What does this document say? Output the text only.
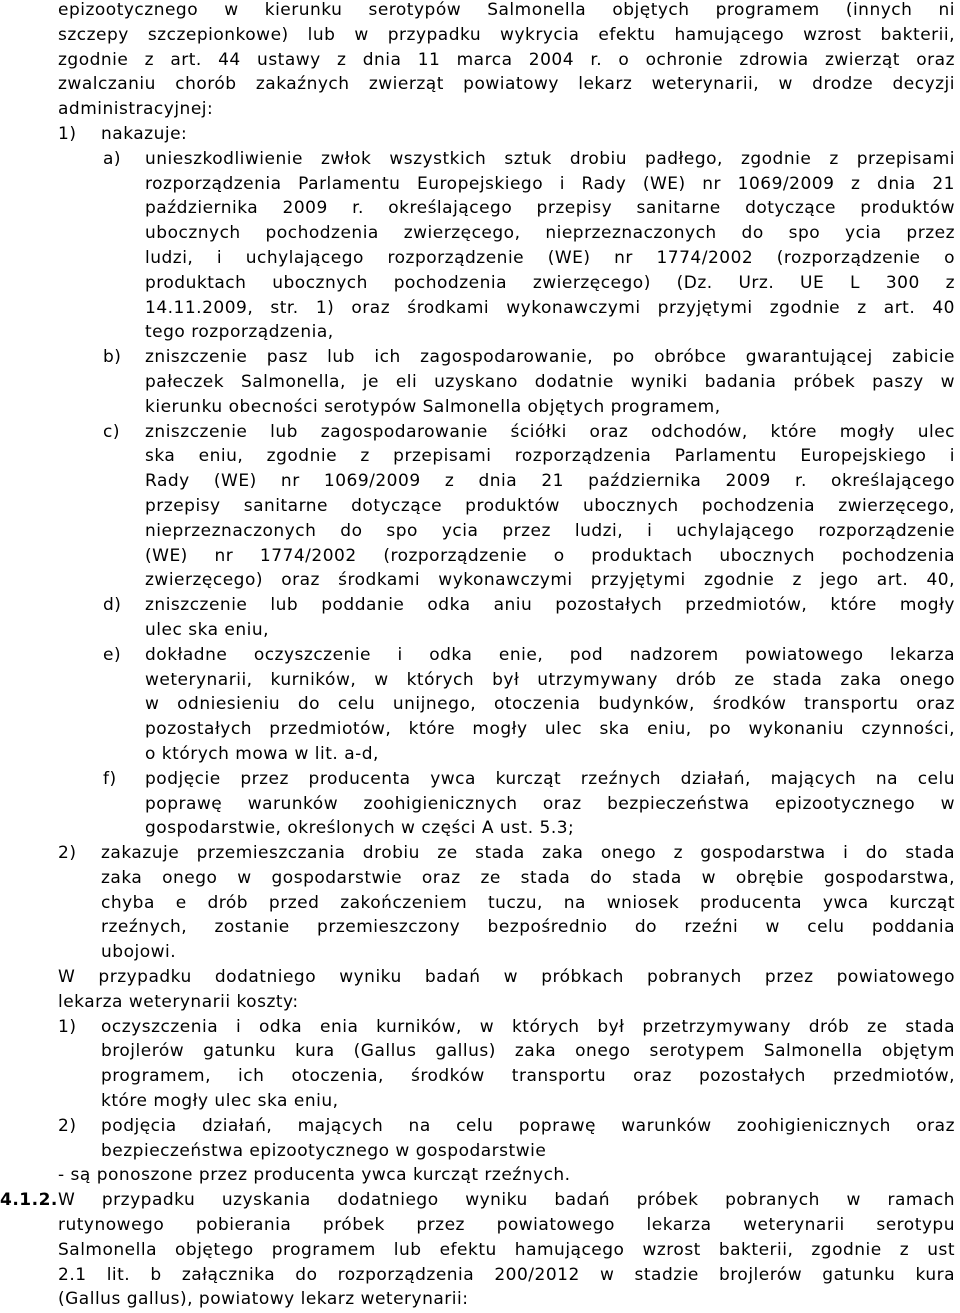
epizootycznego w kierunku serotypów Salmonella objętych programem (innych ni
szczepy szczepionkowe) lub w przypadku wykrycia efektu hamującego wzrost bakterii,
zgodnie z art. 44 ustawy z dnia 11 marca 2004 r. o ochronie zdrowia zwierząt oraz
zwalczaniu chorób zakaźnych zwierząt powiatowy lekarz weterynarii, w drodze decyzji
administracyjnej:
1) nakazuje:
a) unieszkodliwienie zwłok wszystkich sztuk drobiu padłego, zgodnie z przepisami
rozporządzenia Parlamentu Europejskiego i Rady (WE) nr 1069/2009 z dnia 21
października 2009 r. określającego przepisy sanitarne dotyczące produktów
ubocznych pochodzenia zwierzęcego, nieprzeznaczonych do spo ycia przez
ludzi, i uchylającego rozporządzenie (WE) nr 1774/2002 (rozporządzenie o
produktach ubocznych pochodzenia zwierzęcego) (Dz. Urz. UE L 300 z
14.11.2009, str. 1) oraz środkami wykonawczymi przyjętymi zgodnie z art. 40
tego rozporządzenia,
b) zniszczenie pasz lub ich zagospodarowanie, po obróbce gwarantującej zabicie
pałeczek Salmonella, je eli uzyskano dodatnie wyniki badania próbek paszy w
kierunku obecności serotypów Salmonella objętych programem,
c) zniszczenie lub zagospodarowanie ściółki oraz odchodów, które mogły ulec
ska eniu, zgodnie z przepisami rozporządzenia Parlamentu Europejskiego i
Rady (WE) nr 1069/2009 z dnia 21 października 2009 r. określającego
przepisy sanitarne dotyczące produktów ubocznych pochodzenia zwierzęcego,
nieprzeznaczonych do spo ycia przez ludzi, i uchylającego rozporządzenie
(WE) nr 1774/2002 (rozporządzenie o produktach ubocznych pochodzenia
zwierzęcego) oraz środkami wykonawczymi przyjętymi zgodnie z jego art. 40,
d) zniszczenie lub poddanie odka aniu pozostałych przedmiotów, które mogły
ulec ska eniu,
e) dokładne oczyszczenie i odka enie, pod nadzorem powiatowego lekarza
weterynarii, kurników, w których był utrzymywany drób ze stada zaka onego
w odniesieniu do celu unijnego, otoczenia budynków, środków transportu oraz
pozostałych przedmiotów, które mogły ulec ska eniu, po wykonaniu czynności,
o których mowa w lit. a-d,
f) podjęcie przez producenta ywca kurcząt rzeźnych działań, mających na celu
poprawę warunków zoohigienicznych oraz bezpieczeństwa epizootycznego w
gospodarstwie, określonych w części A ust. 5.3;
2) zakazuje przemieszczania drobiu ze stada zaka onego z gospodarstwa i do stada
zaka onego w gospodarstwie oraz ze stada do stada w obrębie gospodarstwa,
chyba e drób przed zakończeniem tuczu, na wniosek producenta ywca kurcząt
rzeźnych, zostanie przemieszczony bezpośrednio do rzeźni w celu poddania
ubojowi.
W przypadku dodatniego wyniku badań w próbkach pobranych przez powiatowego
lekarza weterynarii koszty:
1) oczyszczenia i odka enia kurników, w których był przetrzymywany drób ze stada
brojlerów gatunku kura (Gallus gallus) zaka onego serotypem Salmonella objętym
programem, ich otoczenia, środków transportu oraz pozostałych przedmiotów,
które mogły ulec ska eniu,
2) podjęcia działań, mających na celu poprawę warunków zoohigienicznych oraz
bezpieczeństwa epizootycznego w gospodarstwie
- są ponoszone przez producenta ywca kurcząt rzeźnych.
4.1.2. W przypadku uzyskania dodatniego wyniku badań próbek pobranych w ramach
rutynowego pobierania próbek przez powiatowego lekarza weterynarii serotypu
Salmonella objętego programem lub efektu hamującego wzrost bakterii, zgodnie z ust
2.1 lit. b załącznika do rozporządzenia 200/2012 w stadzie brojlerów gatunku kura
(Gallus gallus), powiatowy lekarz weterynarii:
